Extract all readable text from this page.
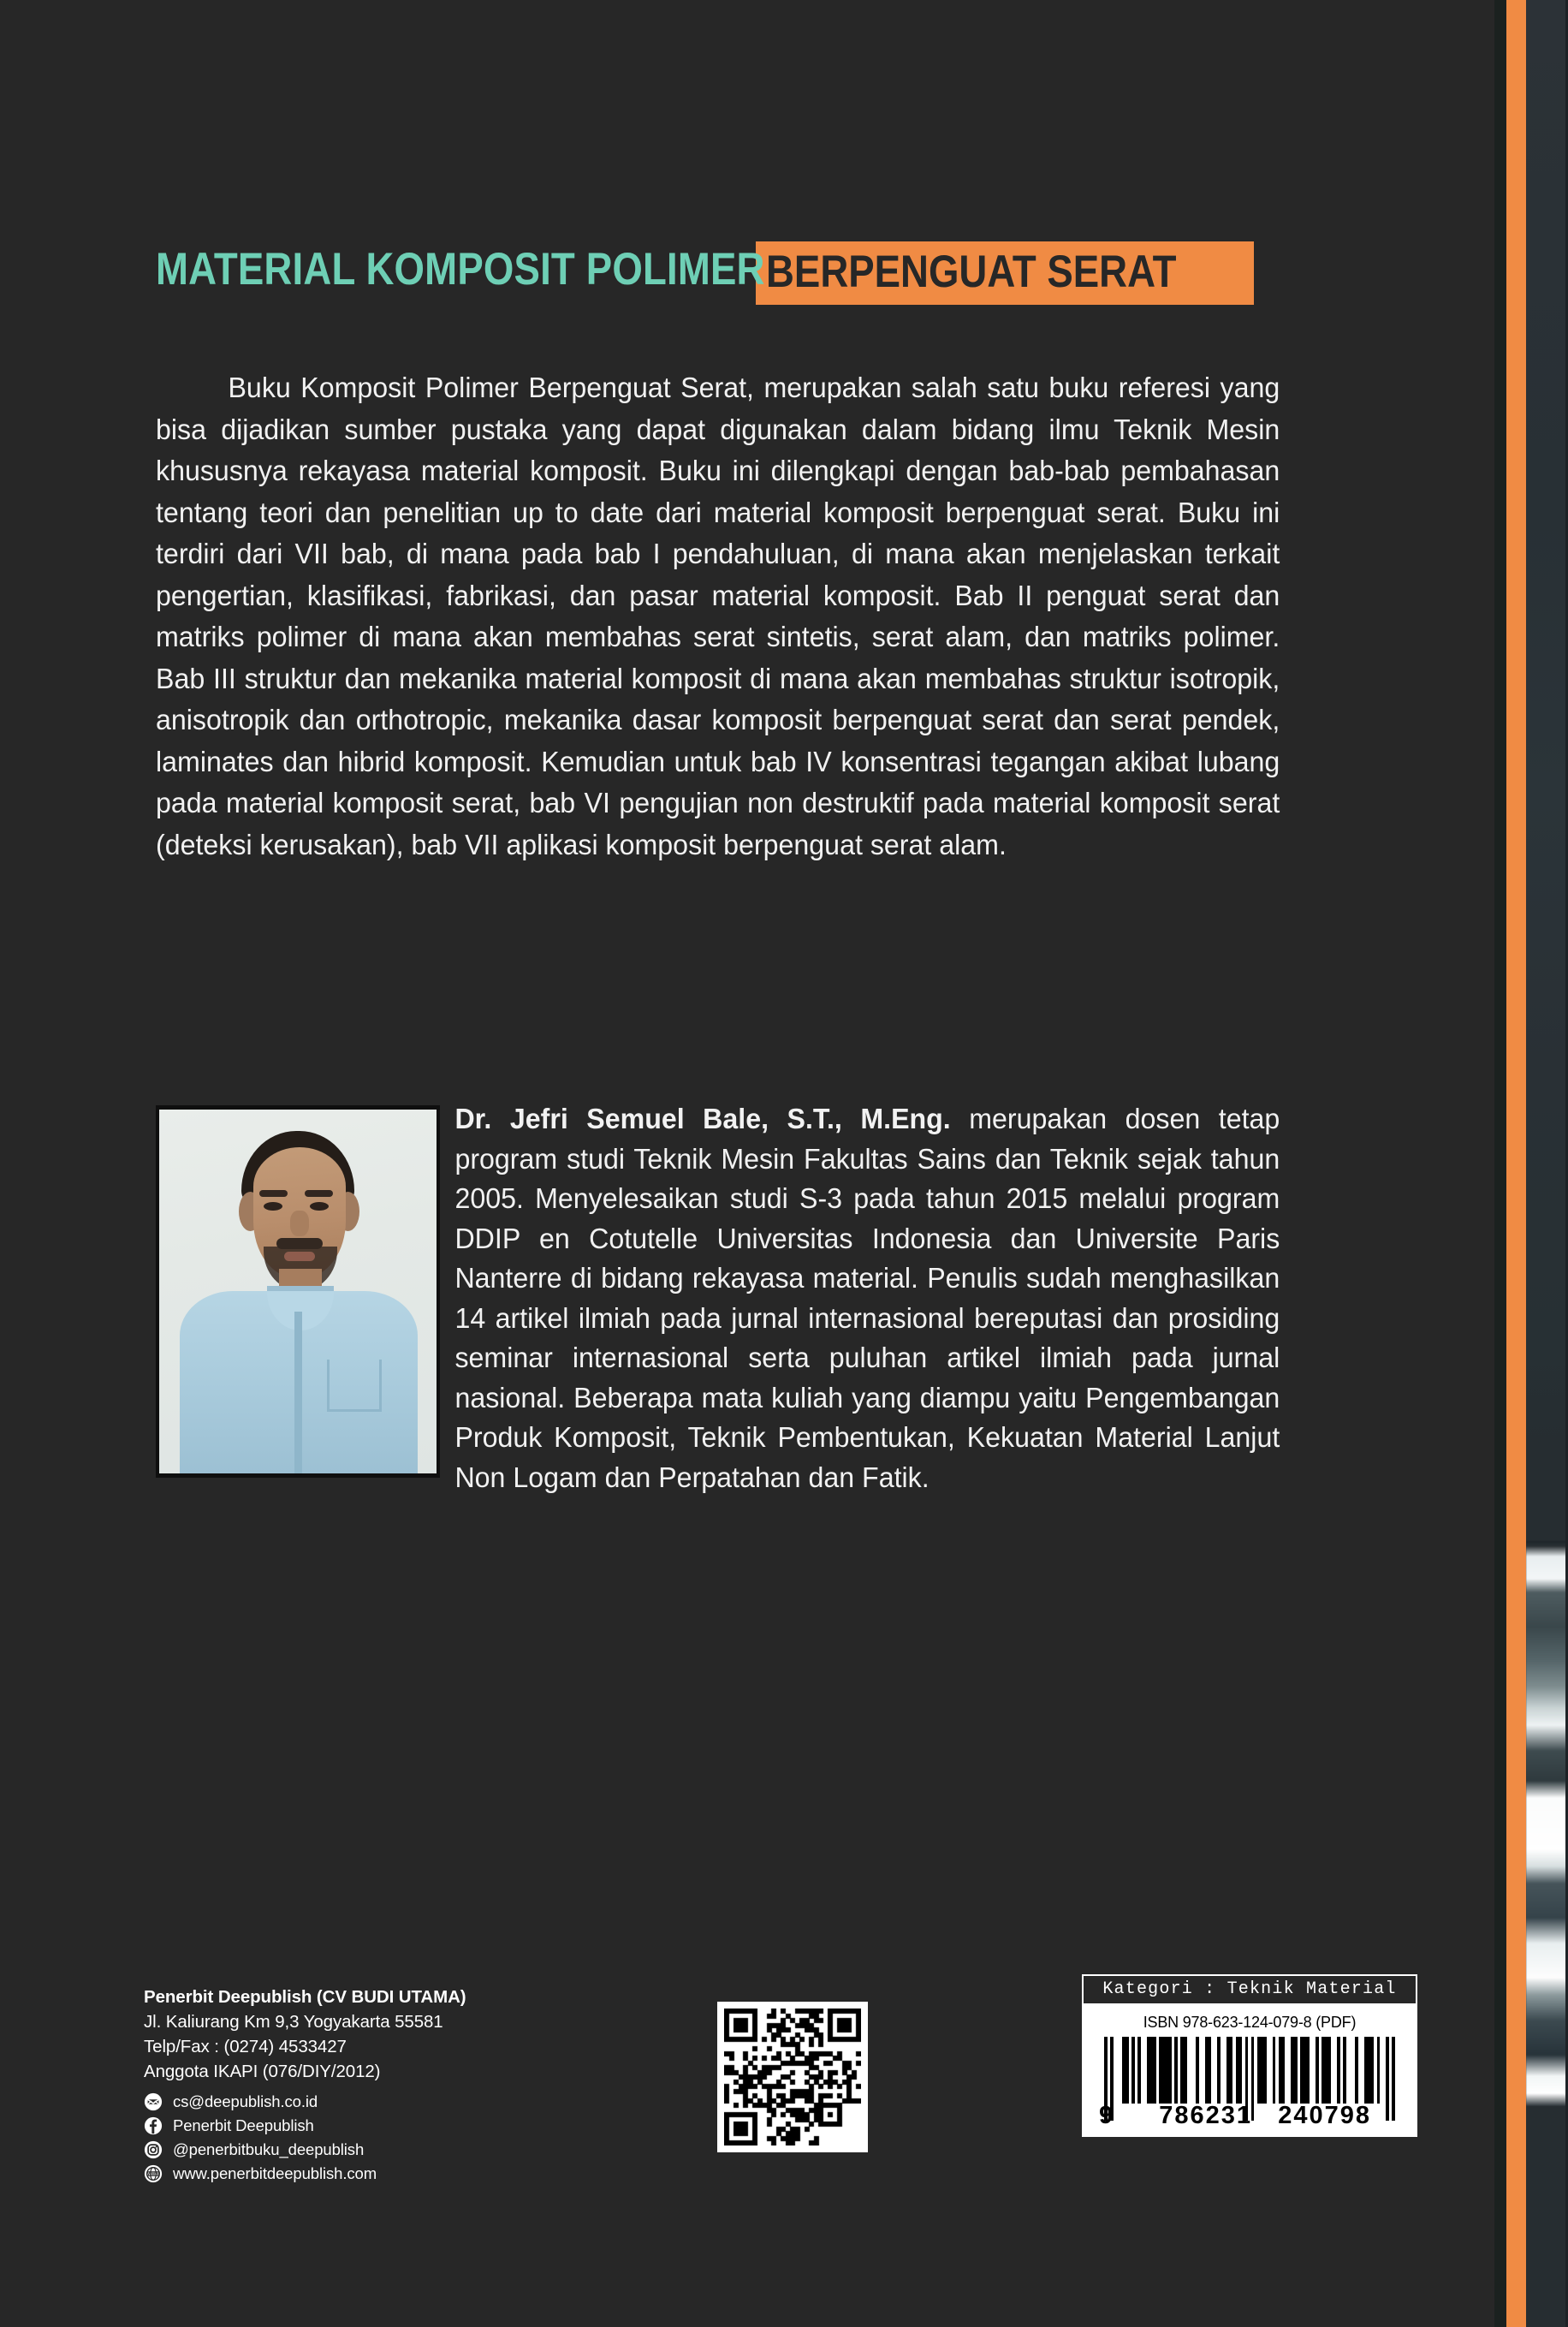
MATERIAL KOMPOSIT POLIMER BERPENGUAT SERAT
Buku Komposit Polimer Berpenguat Serat, merupakan salah satu buku referesi yang bisa dijadikan sumber pustaka yang dapat digunakan dalam bidang ilmu Teknik Mesin khususnya rekayasa material komposit. Buku ini dilengkapi dengan bab-bab pembahasan tentang teori dan penelitian up to date dari material komposit berpenguat serat. Buku ini terdiri dari VII bab, di mana pada bab I pendahuluan, di mana akan menjelaskan terkait pengertian, klasifikasi, fabrikasi, dan pasar material komposit. Bab II penguat serat dan matriks polimer di mana akan membahas serat sintetis, serat alam, dan matriks polimer. Bab III struktur dan mekanika material komposit di mana akan membahas struktur isotropik, anisotropik dan orthotropic, mekanika dasar komposit berpenguat serat dan serat pendek, laminates dan hibrid komposit. Kemudian untuk bab IV konsentrasi tegangan akibat lubang pada material komposit serat, bab VI pengujian non destruktif pada material komposit serat (deteksi kerusakan), bab VII aplikasi komposit berpenguat serat alam.
Dr. Jefri Semuel Bale, S.T., M.Eng. merupakan dosen tetap program studi Teknik Mesin Fakultas Sains dan Teknik sejak tahun 2005. Menyelesaikan studi S-3 pada tahun 2015 melalui program DDIP en Cotutelle Universitas Indonesia dan Universite Paris Nanterre di bidang rekayasa material. Penulis sudah menghasilkan 14 artikel ilmiah pada jurnal internasional bereputasi dan prosiding seminar internasional serta puluhan artikel ilmiah pada jurnal nasional. Beberapa mata kuliah yang diampu yaitu Pengembangan Produk Komposit, Teknik Pembentukan, Kekuatan Material Lanjut Non Logam dan Perpatahan dan Fatik.
Penerbit Deepublish (CV BUDI UTAMA)
Jl. Kaliurang Km 9,3 Yogyakarta 55581
Telp/Fax : (0274) 4533427
Anggota IKAPI (076/DIY/2012)
cs@deepublish.co.id
Penerbit Deepublish
@penerbitbuku_deepublish
www www.penerbitdeepublish.com
Kategori : Teknik Material
ISBN 978-623-124-079-8 (PDF)
9 786231 240798
